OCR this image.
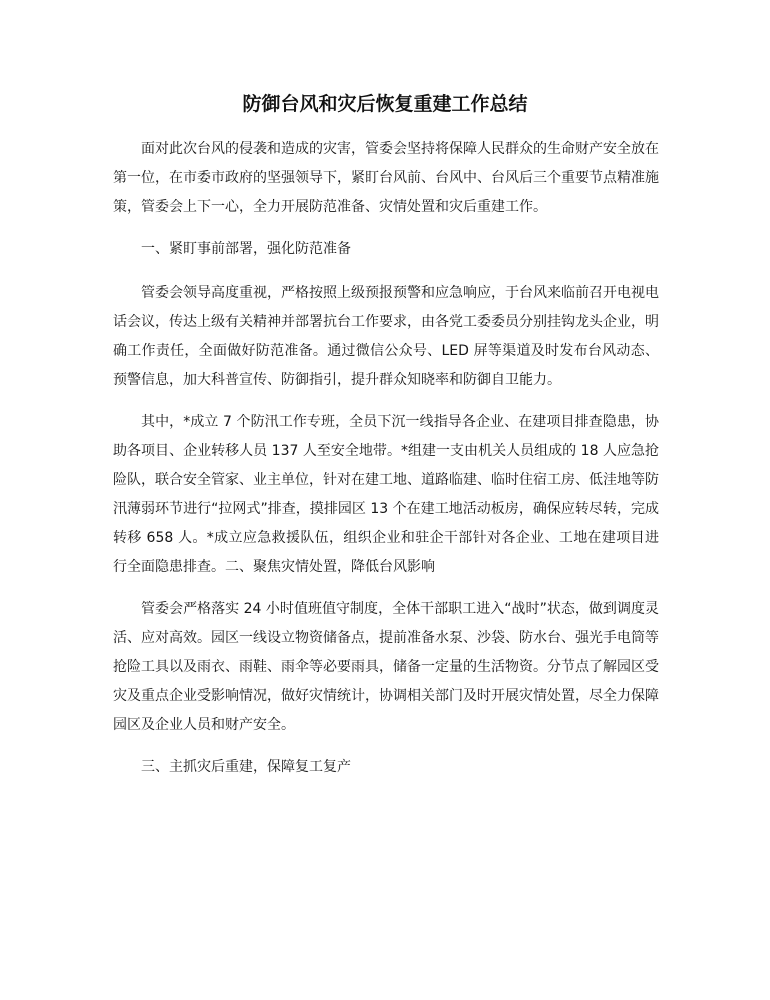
防御台风和灾后恢复重建工作总结

面对此次台风的侵袭和造成的灾害，管委会坚持将保障人民群众的生命财产安全放在第一位，在市委市政府的坚强领导下，紧盯台风前、台风中、台风后三个重要节点精准施策，管委会上下一心，全力开展防范准备、灾情处置和灾后重建工作。

一、紧盯事前部署，强化防范准备

管委会领导高度重视，严格按照上级预报预警和应急响应，于台风来临前召开电视电话会议，传达上级有关精神并部署抗台工作要求，由各党工委委员分别挂钩龙头企业，明确工作责任，全面做好防范准备。通过微信公众号、LED 屏等渠道及时发布台风动态、预警信息，加大科普宣传、防御指引，提升群众知晓率和防御自卫能力。

其中，*成立 7 个防汛工作专班，全员下沉一线指导各企业、在建项目排查隐患，协助各项目、企业转移人员 137 人至安全地带。*组建一支由机关人员组成的 18 人应急抢险队，联合安全管家、业主单位，针对在建工地、道路临建、临时住宿工房、低洼地等防汛薄弱环节进行“拉网式”排查，摸排园区 13 个在建工地活动板房，确保应转尽转，完成转移 658 人。*成立应急救援队伍，组织企业和驻企干部针对各企业、工地在建项目进行全面隐患排查。二、聚焦灾情处置，降低台风影响

管委会严格落实 24 小时值班值守制度，全体干部职工进入“战时”状态，做到调度灵活、应对高效。园区一线设立物资储备点，提前准备水泵、沙袋、防水台、强光手电筒等抢险工具以及雨衣、雨鞋、雨伞等必要雨具，储备一定量的生活物资。分节点了解园区受灾及重点企业受影响情况，做好灾情统计，协调相关部门及时开展灾情处置，尽全力保障园区及企业人员和财产安全。

三、主抓灾后重建，保障复工复产
